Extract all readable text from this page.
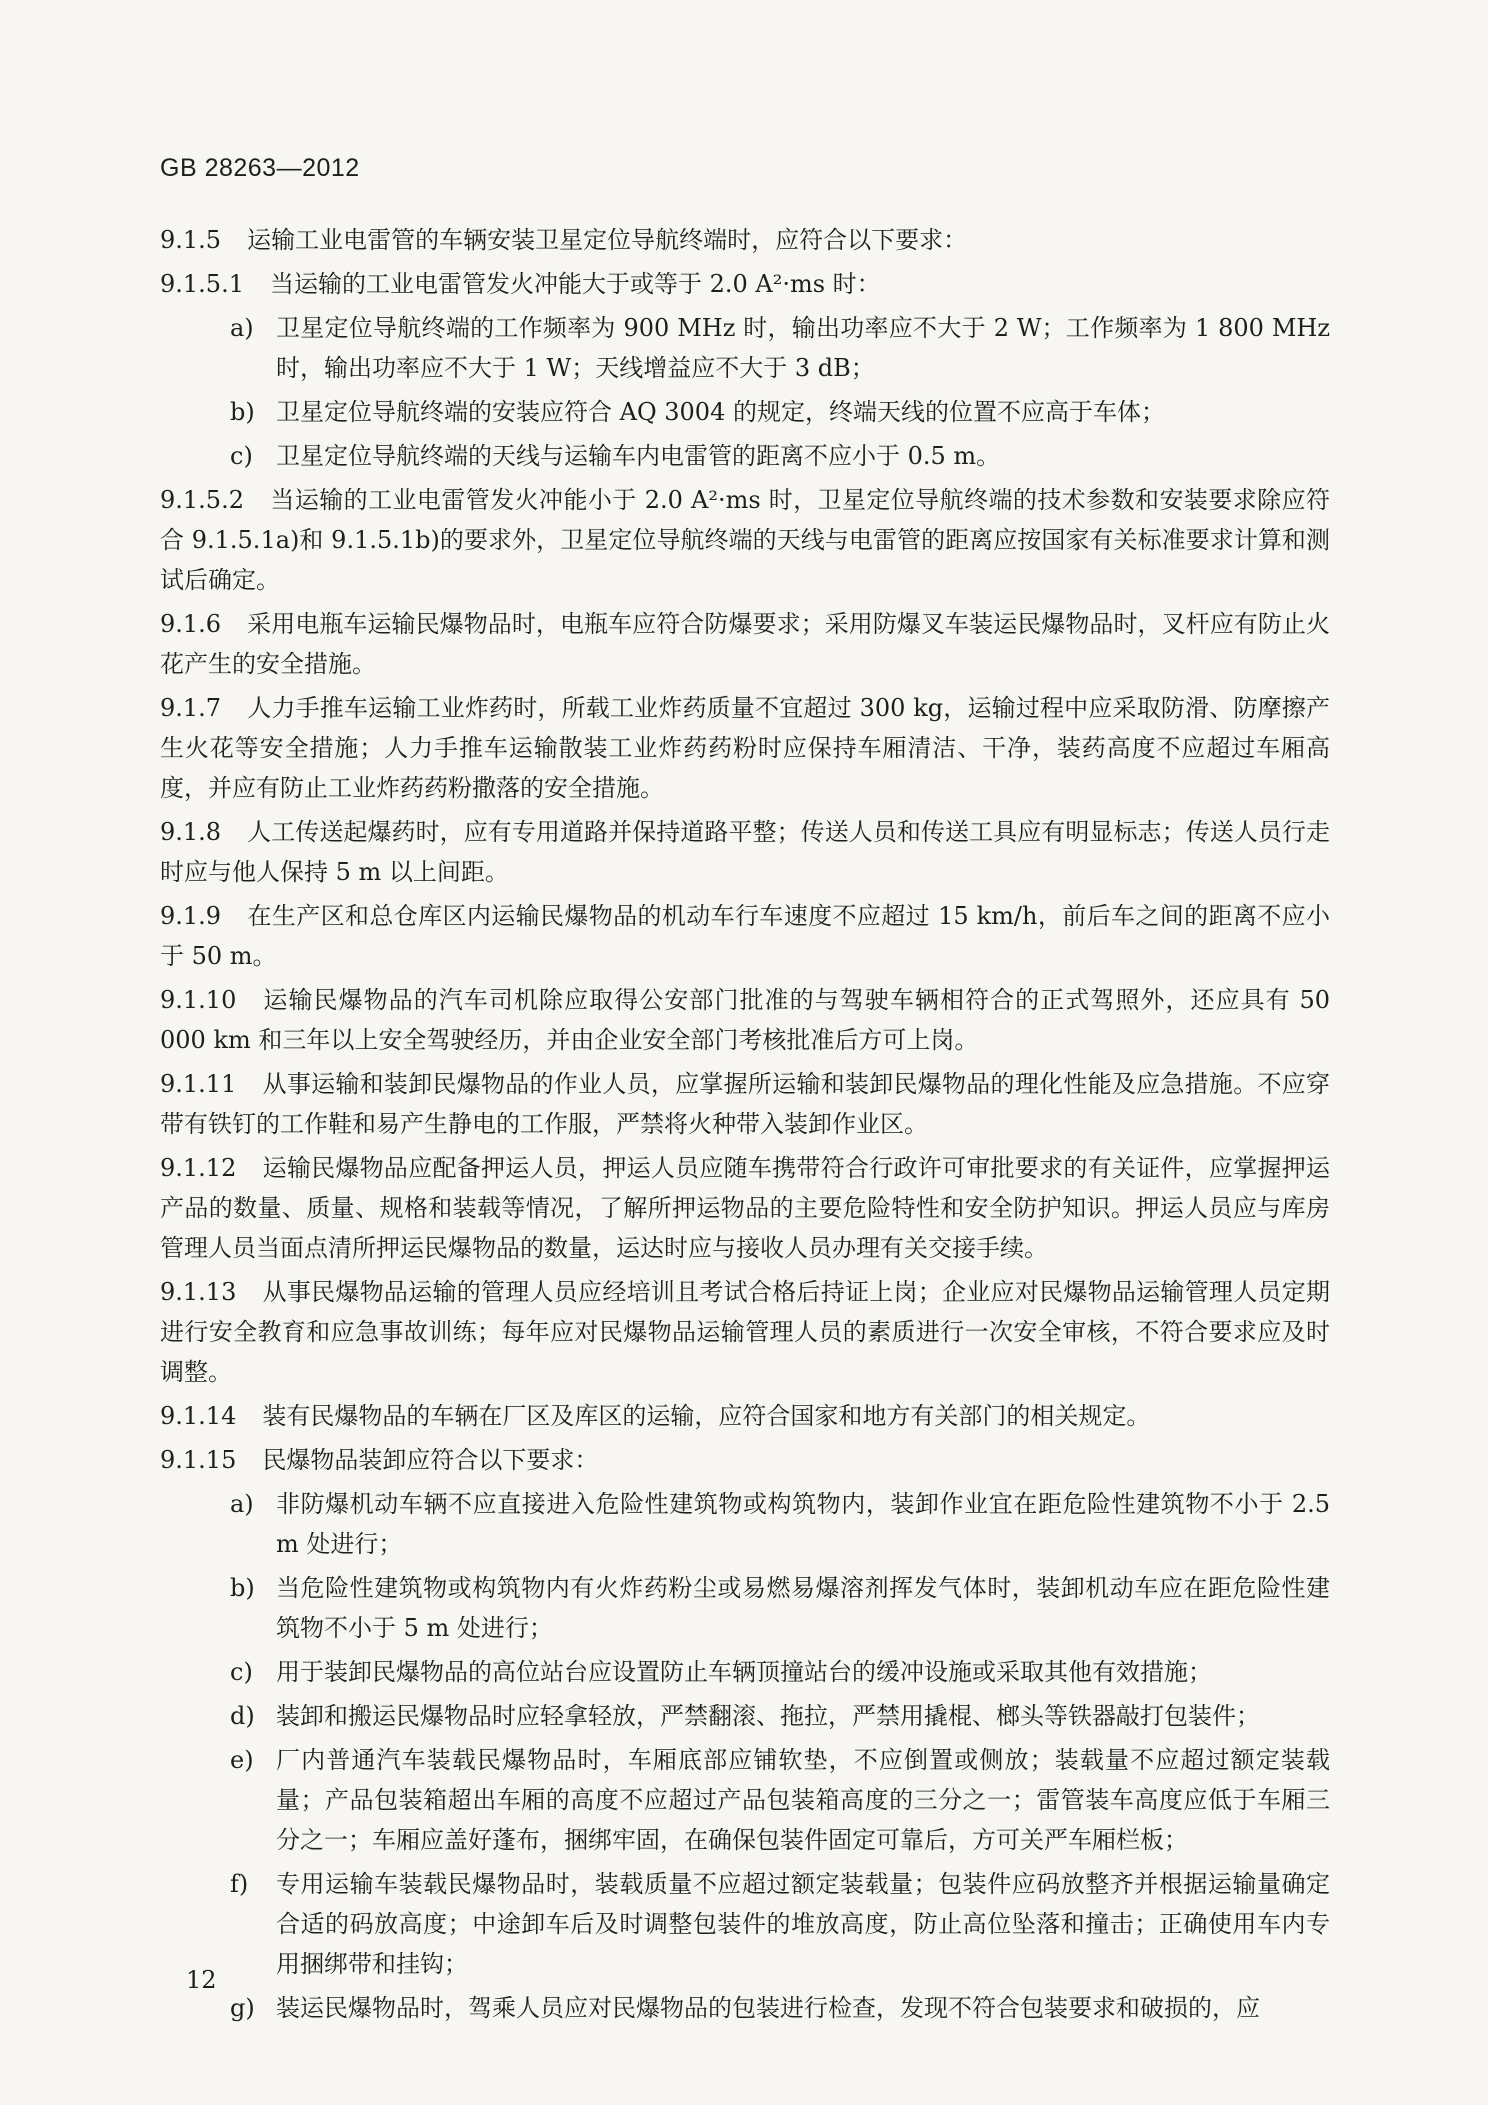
GB 28263—2012
9.1.5 运输工业电雷管的车辆安装卫星定位导航终端时，应符合以下要求：
9.1.5.1 当运输的工业电雷管发火冲能大于或等于 2.0 A²·ms 时：
a) 卫星定位导航终端的工作频率为 900 MHz 时，输出功率应不大于 2 W；工作频率为 1 800 MHz 时，输出功率应不大于 1 W；天线增益应不大于 3 dB；
b) 卫星定位导航终端的安装应符合 AQ 3004 的规定，终端天线的位置不应高于车体；
c) 卫星定位导航终端的天线与运输车内电雷管的距离不应小于 0.5 m。
9.1.5.2 当运输的工业电雷管发火冲能小于 2.0 A²·ms 时，卫星定位导航终端的技术参数和安装要求除应符合 9.1.5.1a)和 9.1.5.1b)的要求外，卫星定位导航终端的天线与电雷管的距离应按国家有关标准要求计算和测试后确定。
9.1.6 采用电瓶车运输民爆物品时，电瓶车应符合防爆要求；采用防爆叉车装运民爆物品时，叉杆应有防止火花产生的安全措施。
9.1.7 人力手推车运输工业炸药时，所载工业炸药质量不宜超过 300 kg，运输过程中应采取防滑、防摩擦产生火花等安全措施；人力手推车运输散装工业炸药药粉时应保持车厢清洁、干净，装药高度不应超过车厢高度，并应有防止工业炸药药粉撒落的安全措施。
9.1.8 人工传送起爆药时，应有专用道路并保持道路平整；传送人员和传送工具应有明显标志；传送人员行走时应与他人保持 5 m 以上间距。
9.1.9 在生产区和总仓库区内运输民爆物品的机动车行车速度不应超过 15 km/h，前后车之间的距离不应小于 50 m。
9.1.10 运输民爆物品的汽车司机除应取得公安部门批准的与驾驶车辆相符合的正式驾照外，还应具有 50 000 km 和三年以上安全驾驶经历，并由企业安全部门考核批准后方可上岗。
9.1.11 从事运输和装卸民爆物品的作业人员，应掌握所运输和装卸民爆物品的理化性能及应急措施。不应穿带有铁钉的工作鞋和易产生静电的工作服，严禁将火种带入装卸作业区。
9.1.12 运输民爆物品应配备押运人员，押运人员应随车携带符合行政许可审批要求的有关证件，应掌握押运产品的数量、质量、规格和装载等情况，了解所押运物品的主要危险特性和安全防护知识。押运人员应与库房管理人员当面点清所押运民爆物品的数量，运达时应与接收人员办理有关交接手续。
9.1.13 从事民爆物品运输的管理人员应经培训且考试合格后持证上岗；企业应对民爆物品运输管理人员定期进行安全教育和应急事故训练；每年应对民爆物品运输管理人员的素质进行一次安全审核，不符合要求应及时调整。
9.1.14 装有民爆物品的车辆在厂区及库区的运输，应符合国家和地方有关部门的相关规定。
9.1.15 民爆物品装卸应符合以下要求：
a) 非防爆机动车辆不应直接进入危险性建筑物或构筑物内，装卸作业宜在距危险性建筑物不小于 2.5 m 处进行；
b) 当危险性建筑物或构筑物内有火炸药粉尘或易燃易爆溶剂挥发气体时，装卸机动车应在距危险性建筑物不小于 5 m 处进行；
c) 用于装卸民爆物品的高位站台应设置防止车辆顶撞站台的缓冲设施或采取其他有效措施；
d) 装卸和搬运民爆物品时应轻拿轻放，严禁翻滚、拖拉，严禁用撬棍、榔头等铁器敲打包装件；
e) 厂内普通汽车装载民爆物品时，车厢底部应铺软垫，不应倒置或侧放；装载量不应超过额定装载量；产品包装箱超出车厢的高度不应超过产品包装箱高度的三分之一；雷管装车高度应低于车厢三分之一；车厢应盖好蓬布，捆绑牢固，在确保包装件固定可靠后，方可关严车厢栏板；
f)	专用运输车装载民爆物品时，装载质量不应超过额定装载量；包装件应码放整齐并根据运输量确定合适的码放高度；中途卸车后及时调整包装件的堆放高度，防止高位坠落和撞击；正确使用车内专用捆绑带和挂钩；
g) 装运民爆物品时，驾乘人员应对民爆物品的包装进行检查，发现不符合包装要求和破损的，应
12
